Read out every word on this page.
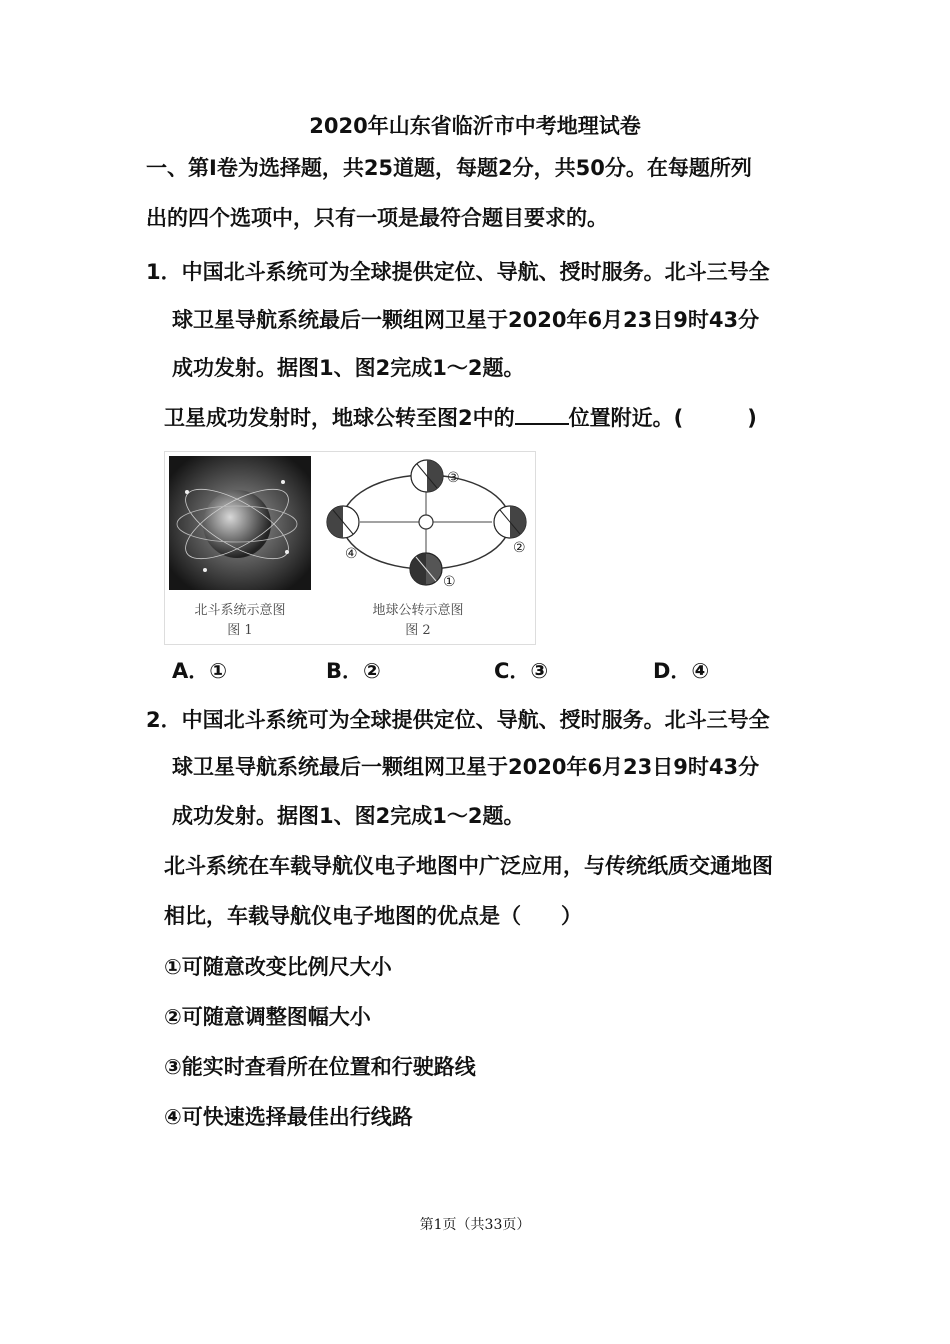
2020年山东省临沂市中考地理试卷
一、第Ⅰ卷为选择题，共25道题，每题2分，共50分。在每题所列
出的四个选项中，只有一项是最符合题目要求的。
1．中国北斗系统可为全球提供定位、导航、授时服务。北斗三号全
球卫星导航系统最后一颗组网卫星于2020年6月23日9时43分
成功发射。据图1、图2完成1～2题。
卫星成功发射时，地球公转至图2中的	位置附近。(	)
③
②
①
④
北斗系统示意图
图 1
地球公转示意图
图 2
A．①	B．②	C．③	D．④
2．中国北斗系统可为全球提供定位、导航、授时服务。北斗三号全
球卫星导航系统最后一颗组网卫星于2020年6月23日9时43分
成功发射。据图1、图2完成1～2题。
北斗系统在车载导航仪电子地图中广泛应用，与传统纸质交通地图
相比，车载导航仪电子地图的优点是（ ）
①可随意改变比例尺大小
②可随意调整图幅大小
③能实时查看所在位置和行驶路线
④可快速选择最佳出行线路
第1页（共33页）
